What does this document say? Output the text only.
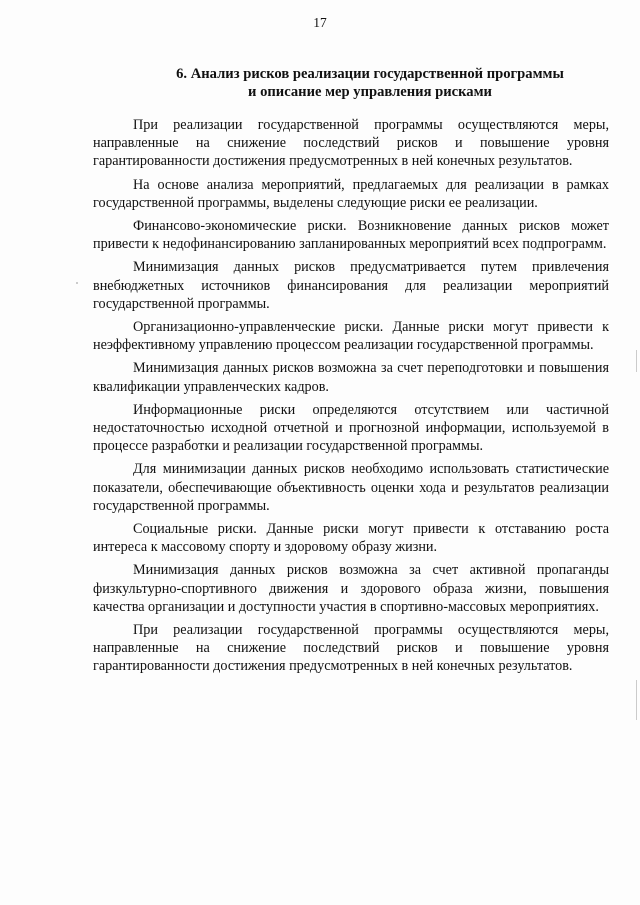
17
6. Анализ рисков реализации государственной программы
и описание мер управления рисками

При реализации государственной программы осуществляются меры, направленные на снижение последствий рисков и повышение уровня гарантированности достижения предусмотренных в ней конечных результатов.

На основе анализа мероприятий, предлагаемых для реализации в рамках государственной программы, выделены следующие риски ее реализации.

Финансово-экономические риски. Возникновение данных рисков может привести к недофинансированию запланированных мероприятий всех подпрограмм.

Минимизация данных рисков предусматривается путем привлечения внебюджетных источников финансирования для реализации мероприятий государственной программы.

Организационно-управленческие риски. Данные риски могут привести к неэффективному управлению процессом реализации государственной программы.

Минимизация данных рисков возможна за счет переподготовки и повышения квалификации управленческих кадров.

Информационные риски определяются отсутствием или частичной недостаточностью исходной отчетной и прогнозной информации, используемой в процессе разработки и реализации государственной программы.

Для минимизации данных рисков необходимо использовать статистические показатели, обеспечивающие объективность оценки хода и результатов реализации государственной программы.

Социальные риски. Данные риски могут привести к отставанию роста интереса к массовому спорту и здоровому образу жизни.

Минимизация данных рисков возможна за счет активной пропаганды физкультурно-спортивного движения и здорового образа жизни, повышения качества организации и доступности участия в спортивно-массовых мероприятиях.

При реализации государственной программы осуществляются меры, направленные на снижение последствий рисков и повышение уровня гарантированности достижения предусмотренных в ней конечных результатов.
